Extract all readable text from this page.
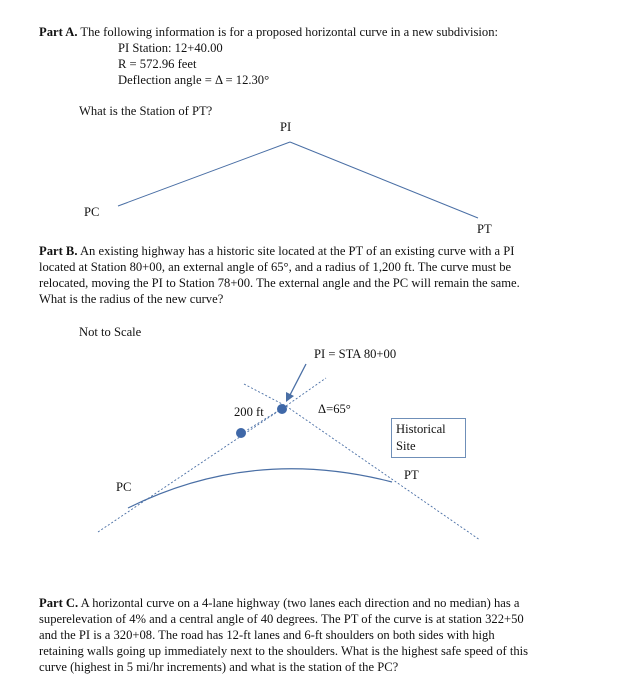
Part A. The following information is for a proposed horizontal curve in a new subdivision:
PI Station: 12+40.00
R = 572.96 feet
Deflection angle = Δ = 12.30°
What is the Station of PT?
PI
PC
PT
PI = STA 80+00
200 ft	Δ=65°
Historical
Site
PT
PC
Part B. An existing highway has a historic site located at the PT of an existing curve with a PI
located at Station 80+00, an external angle of 65°, and a radius of 1,200 ft. The curve must be
relocated, moving the PI to Station 78+00. The external angle and the PC will remain the same.
What is the radius of the new curve?
Not to Scale
Part C. A horizontal curve on a 4-lane highway (two lanes each direction and no median) has a
superelevation of 4% and a central angle of 40 degrees. The PT of the curve is at station 322+50
and the PI is a 320+08. The road has 12-ft lanes and 6-ft shoulders on both sides with high
retaining walls going up immediately next to the shoulders. What is the highest safe speed of this
curve (highest in 5 mi/hr increments) and what is the station of the PC?
